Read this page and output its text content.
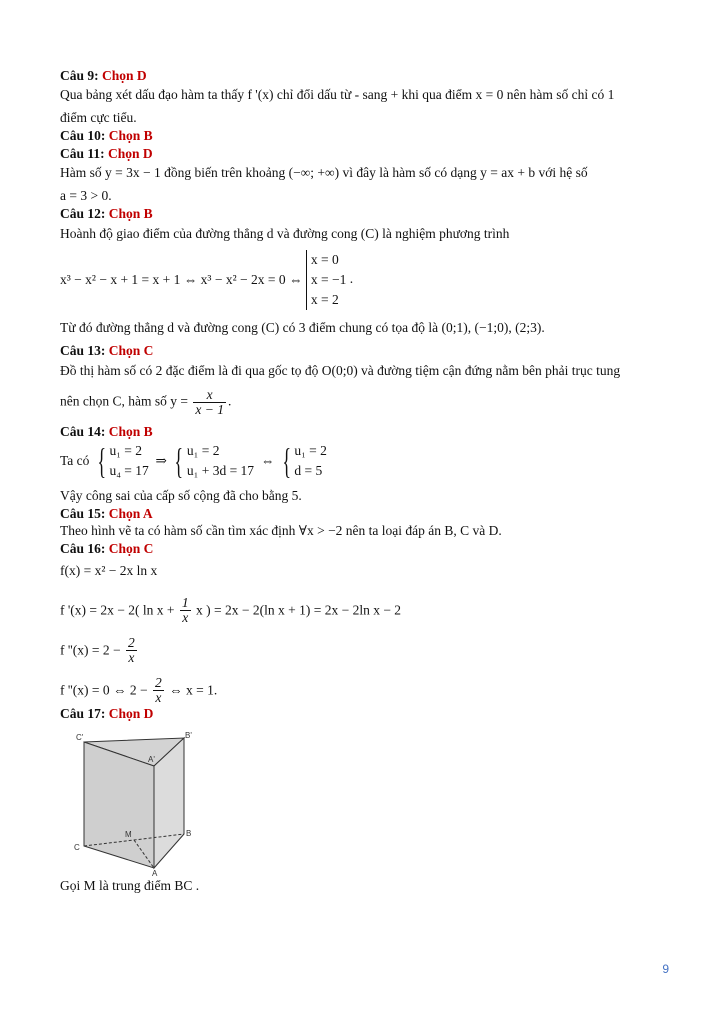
Câu 9: Chọn D
Qua bảng xét dấu đạo hàm ta thấy f '(x) chỉ đổi dấu từ - sang + khi qua điểm x = 0 nên hàm số chỉ có 1
điểm cực tiểu.
Câu 10: Chọn B
Câu 11: Chọn D
Hàm số y = 3x − 1 đồng biến trên khoảng (−∞; +∞) vì đây là hàm số có dạng y = ax + b với hệ số
a = 3 > 0.
Câu 12: Chọn B
Hoành độ giao điểm của đường thẳng d và đường cong (C) là nghiệm phương trình
x³ − x² − x + 1 = x + 1 ⇔ x³ − x² − 2x = 0 ⇔
x = 0
x = −1
x = 2
.
Từ đó đường thẳng d và đường cong (C) có 3 điểm chung có tọa độ là (0;1), (−1;0), (2;3).
Câu 13: Chọn C
Đồ thị hàm số có 2 đặc điểm là đi qua gốc tọ độ O(0;0) và đường tiệm cận đứng nằm bên phải trục tung
nên chọn C, hàm số $y = \frac{x}{x - 1}$ .
Câu 14: Chọn B
Ta có { u₁ = 2
u₄ = 17
⇒ { u₁ = 2
u₁ + 3d = 17
⇔ { u₁ = 2
d = 5
Vậy công sai của cấp số cộng đã cho bằng 5.
Câu 15: Chọn A
Theo hình vẽ ta có hàm số cần tìm xác định ∀x > −2 nên ta loại đáp án B, C và D.
Câu 16: Chọn C
f(x) = x² − 2x ln x
f '(x) = 2x − 2( $\ln x + \frac{1}{x}$ x ) = 2x − 2(ln x + 1) = 2x − 2ln x − 2
f ''$(x) = 2 - \frac{2}{x}$
f ''(x) = 0 ⇔ $2 - \frac{2}{x}$ ⇔ x = 1.
Câu 17: Chọn D
C'	B'
A'
M	B
C
A
Gọi M là trung điểm BC .
9
